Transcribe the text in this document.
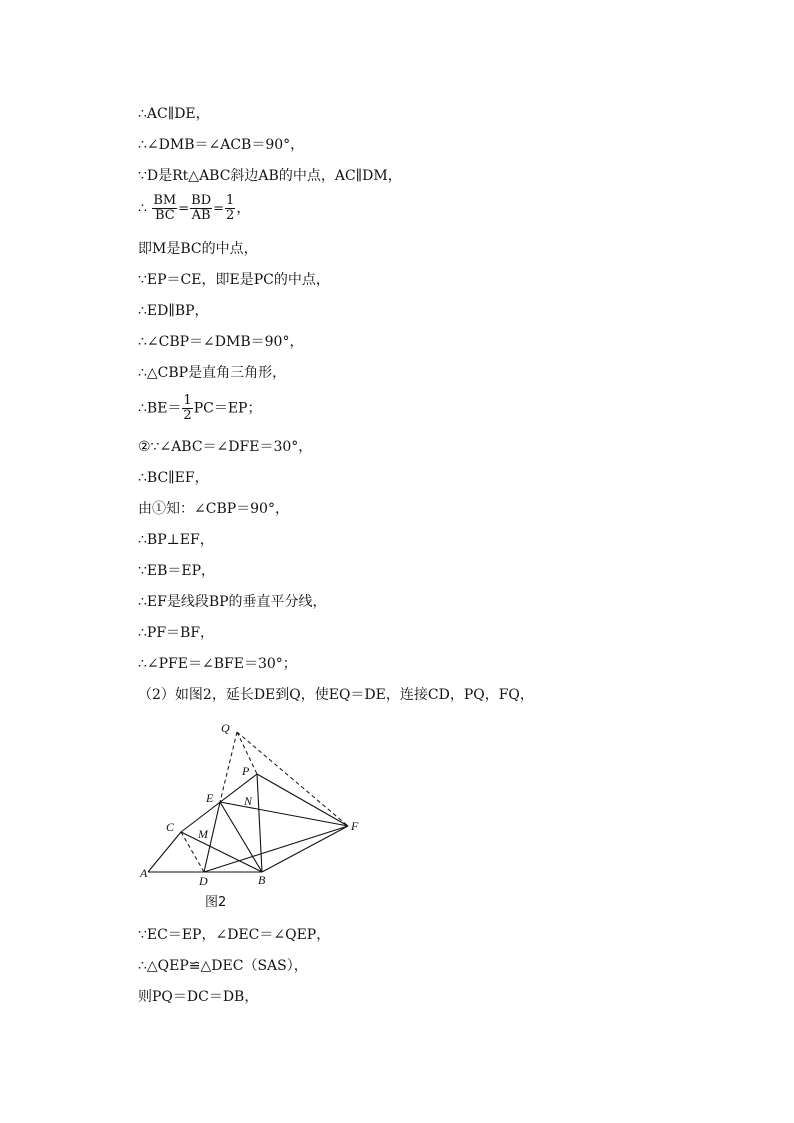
∴AC∥DE，
∴∠DMB＝∠ACB＝90°，
∵D是Rt△ABC斜边AB的中点，AC∥DM，
∴ $\frac{BM}{BC} = \frac{BD}{AB} = \frac{1}{2}$ ，
即M是BC的中点，
∵EP＝CE，即E是PC的中点，
∴ED∥BP，
∴∠CBP＝∠DMB＝90°，
∴△CBP是直角三角形，
∴BE＝ $\frac{1}{2} PC=EP$；
②∵∠ABC＝∠DFE＝30°，
∴BC∥EF，
由①知：∠CBP＝90°，
∴BP⊥EF，
∵EB＝EP，
∴EF是线段BP的垂直平分线，
∴PF＝BF，
∴∠PFE＝∠BFE＝30°；
（2）如图2，延长DE到Q，使EQ＝DE，连接CD，PQ，FQ，
Q
P
E	N
C M
F
A
D	B
图2
∵EC＝EP，∠DEC＝∠QEP，
∴△QEP≌△DEC（SAS），
则PQ＝DC＝DB，
